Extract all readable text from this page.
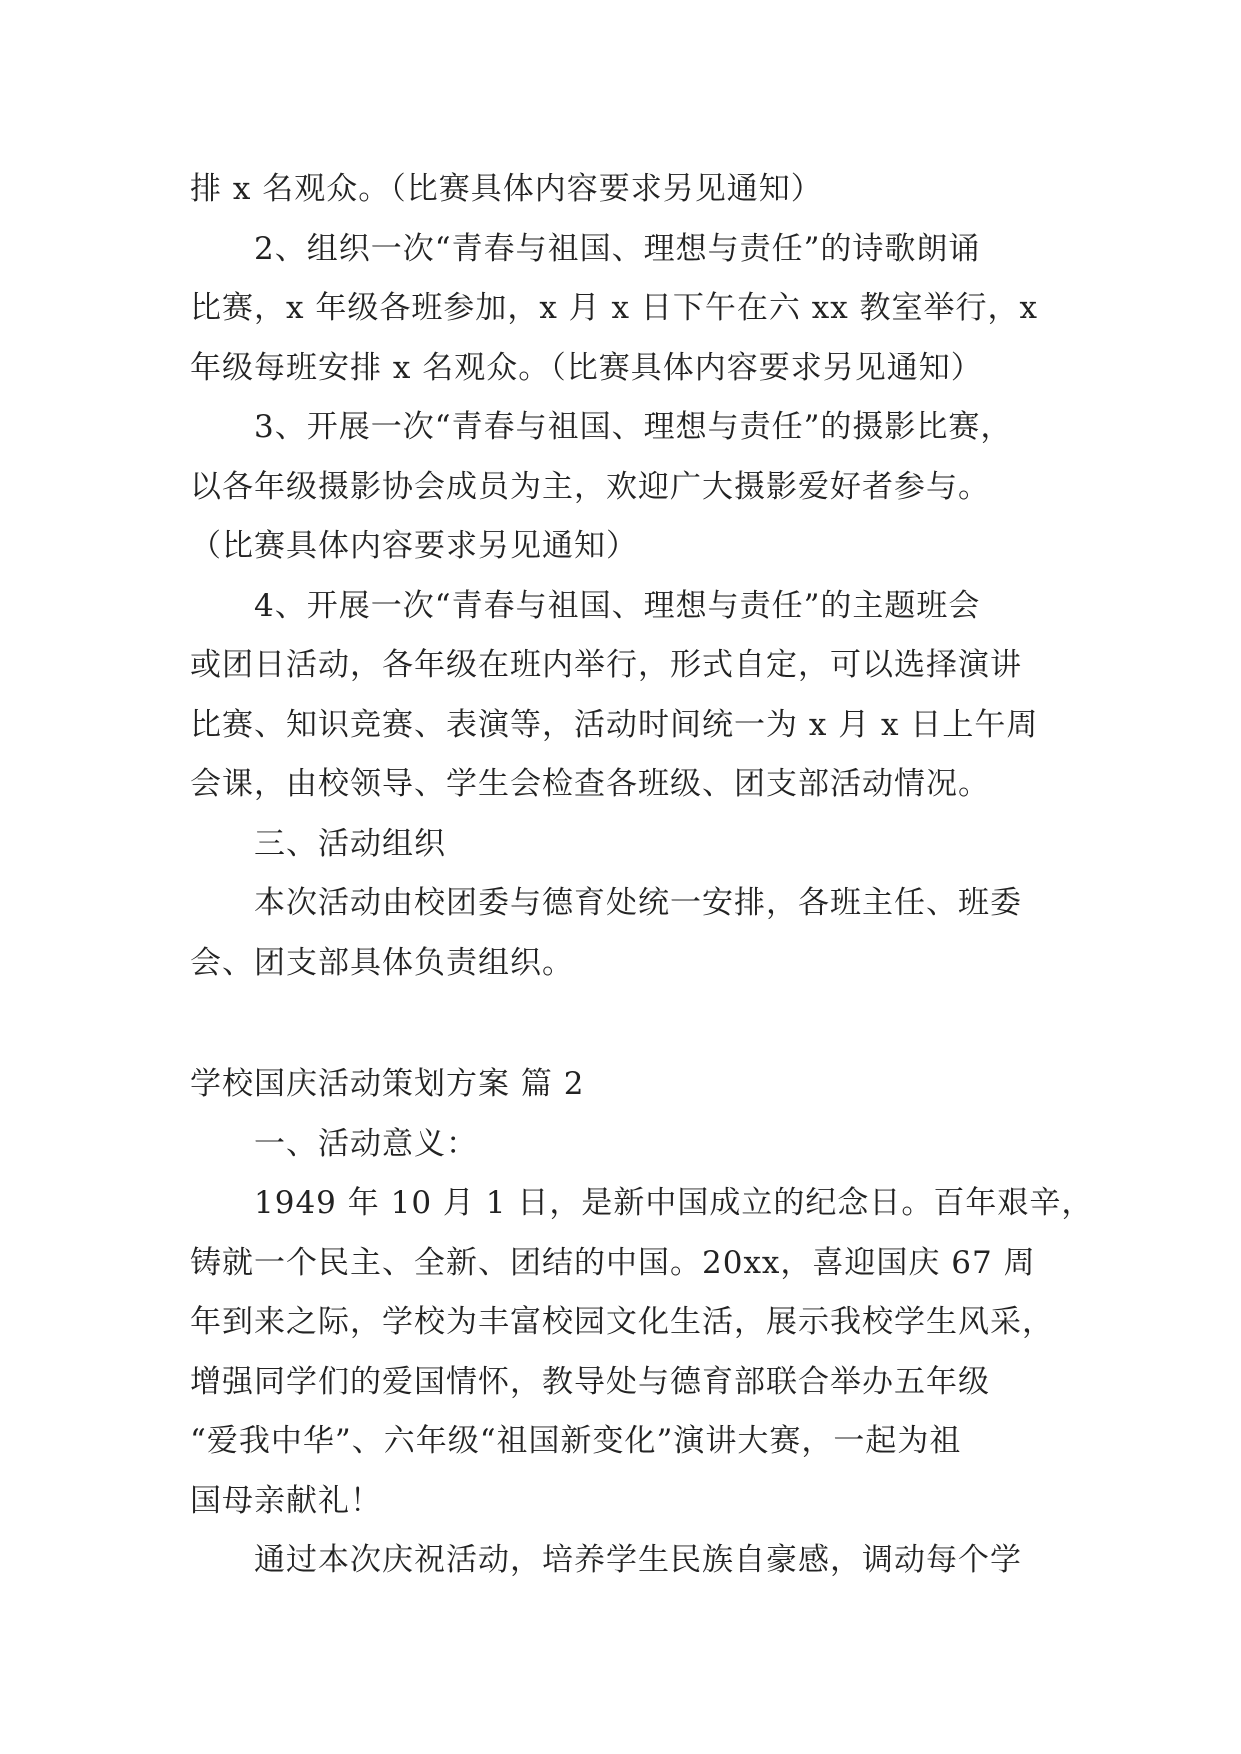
排 x 名观众。（比赛具体内容要求另见通知）
2、组织一次“青春与祖国、理想与责任”的诗歌朗诵
比赛，x 年级各班参加，x 月 x 日下午在六 xx 教室举行，x
年级每班安排 x 名观众。（比赛具体内容要求另见通知）
3、开展一次“青春与祖国、理想与责任”的摄影比赛，
以各年级摄影协会成员为主，欢迎广大摄影爱好者参与。
（比赛具体内容要求另见通知）
4、开展一次“青春与祖国、理想与责任”的主题班会
或团日活动，各年级在班内举行，形式自定，可以选择演讲
比赛、知识竞赛、表演等，活动时间统一为 x 月 x 日上午周
会课，由校领导、学生会检查各班级、团支部活动情况。
三、活动组织
本次活动由校团委与德育处统一安排，各班主任、班委
会、团支部具体负责组织。
学校国庆活动策划方案 篇 2
一、活动意义：
1949 年 10 月 1 日，是新中国成立的纪念日。百年艰辛，
铸就一个民主、全新、团结的中国。20xx，喜迎国庆 67 周
年到来之际，学校为丰富校园文化生活，展示我校学生风采，
增强同学们的爱国情怀，教导处与德育部联合举办五年级
“爱我中华”、六年级“祖国新变化”演讲大赛，一起为祖
国母亲献礼！
通过本次庆祝活动，培养学生民族自豪感，调动每个学
